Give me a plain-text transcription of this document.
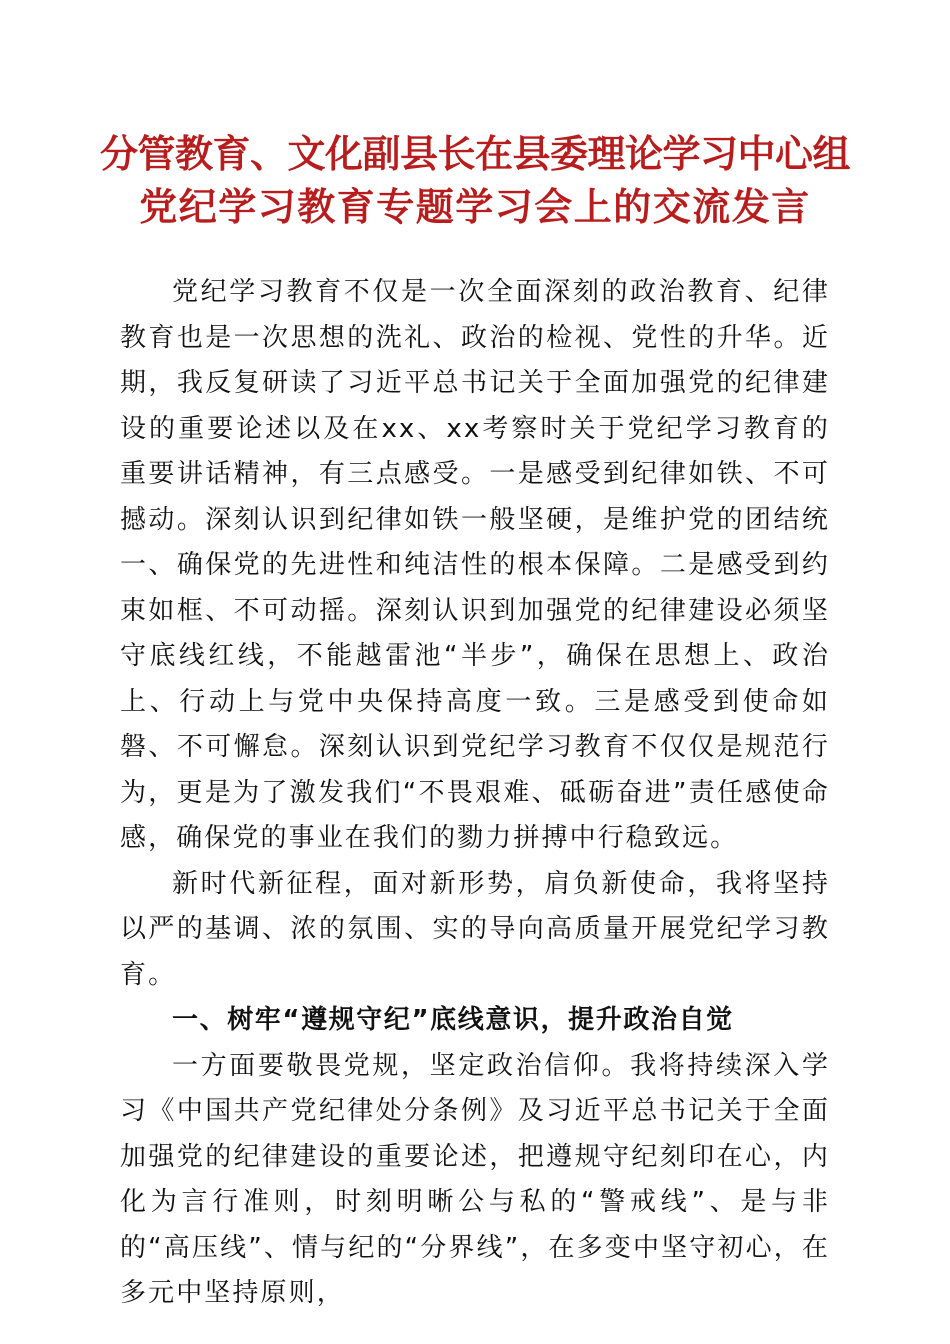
分管教育、文化副县长在县委理论学习中心组
党纪学习教育专题学习会上的交流发言

党纪学习教育不仅是一次全面深刻的政治教育、纪律教育也是一次思想的洗礼、政治的检视、党性的升华。近期，我反复研读了习近平总书记关于全面加强党的纪律建设的重要论述以及在xx、xx考察时关于党纪学习教育的重要讲话精神，有三点感受。一是感受到纪律如铁、不可撼动。深刻认识到纪律如铁一般坚硬，是维护党的团结统一、确保党的先进性和纯洁性的根本保障。二是感受到约束如框、不可动摇。深刻认识到加强党的纪律建设必须坚守底线红线，不能越雷池“半步”，确保在思想上、政治上、行动上与党中央保持高度一致。三是感受到使命如磐、不可懈怠。深刻认识到党纪学习教育不仅仅是规范行为，更是为了激发我们“不畏艰难、砥砺奋进”责任感使命感，确保党的事业在我们的勠力拼搏中行稳致远。

新时代新征程，面对新形势，肩负新使命，我将坚持以严的基调、浓的氛围、实的导向高质量开展党纪学习教育。

一、树牢“遵规守纪”底线意识，提升政治自觉

一方面要敬畏党规，坚定政治信仰。我将持续深入学习《中国共产党纪律处分条例》及习近平总书记关于全面加强党的纪律建设的重要论述，把遵规守纪刻印在心，内化为言行准则，时刻明晰公与私的“警戒线”、是与非的“高压线”、情与纪的“分界线”，在多变中坚守初心，在多元中坚持原则，
